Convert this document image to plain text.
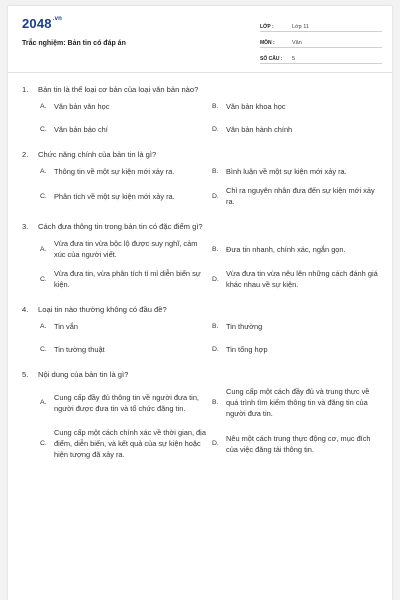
$2048^{.vn}$
Trắc nghiệm: Bản tin có đáp án
LỚP :	Lớp 11
MÔN :	Văn
SỐ CÂU :	5
1.	Bản tin là thể loại cơ bản của loại văn bản nào?
A.	Văn bản văn học	B.	Văn bản khoa học
C. Văn bản báo chí	D. Văn bản hành chính
2.	Chức năng chính của bản tin là gì?
A.	Thông tin về một sự kiện mới xảy ra.	B.	Bình luận về một sự kiện mới xảy ra.
C. Phân tích về một sự kiện mới xảy ra.	D.
Chỉ ra nguyên nhân đưa đến sự kiện mới xảy ra.
3.	Cách đưa thông tin trong bản tin có đặc điểm gì?
A.
Vừa đưa tin vừa bộc lộ được suy nghĩ, cảm xúc của người viết.
B.	Đưa tin nhanh, chính xác, ngắn gọn.
C.
Vừa đưa tin, vừa phân tích tỉ mỉ diễn biến sự kiện.
D.
Vừa đưa tin vừa nêu lên những cách đánh giá khác nhau về sự kiện.
4.	Loại tin nào thường không có đầu đề?
A.	Tin vắn	B.	Tin thường
C. Tin tường thuật	D. Tin tổng hợp
5.	Nội dung của bản tin là gì?
A.
Cung cấp đầy đủ thông tin về người đưa tin, người được đưa tin và tổ chức đăng tin.
B.
Cung cấp một cách đầy đủ và trung thực về quá trình tìm kiếm thông tin và đăng tin của người đưa tin.
C.
Cung cấp một cách chính xác về thời gian, địa điểm, diễn biến, và kết quả của sự kiện hoặc hiện tượng đã xảy ra.
D.
Nêu một cách trung thực động cơ, mục đích của việc đăng tải thông tin.
